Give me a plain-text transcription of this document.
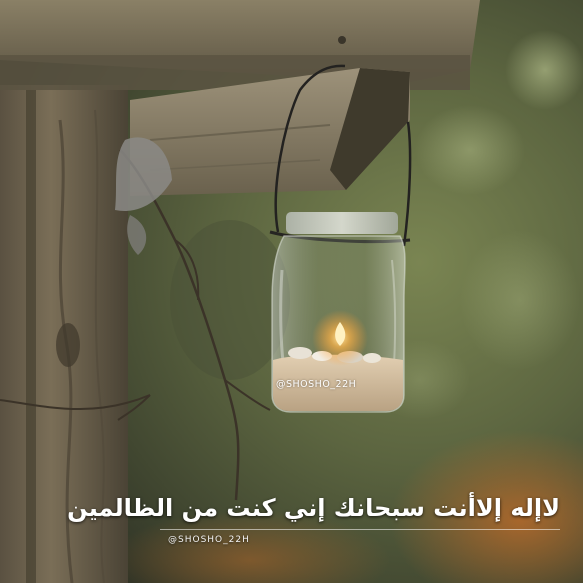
@SHOSHO_22H
لاإله إلاأنت سبحانك إني كنت من الظالمين
@SHOSHO_22H
